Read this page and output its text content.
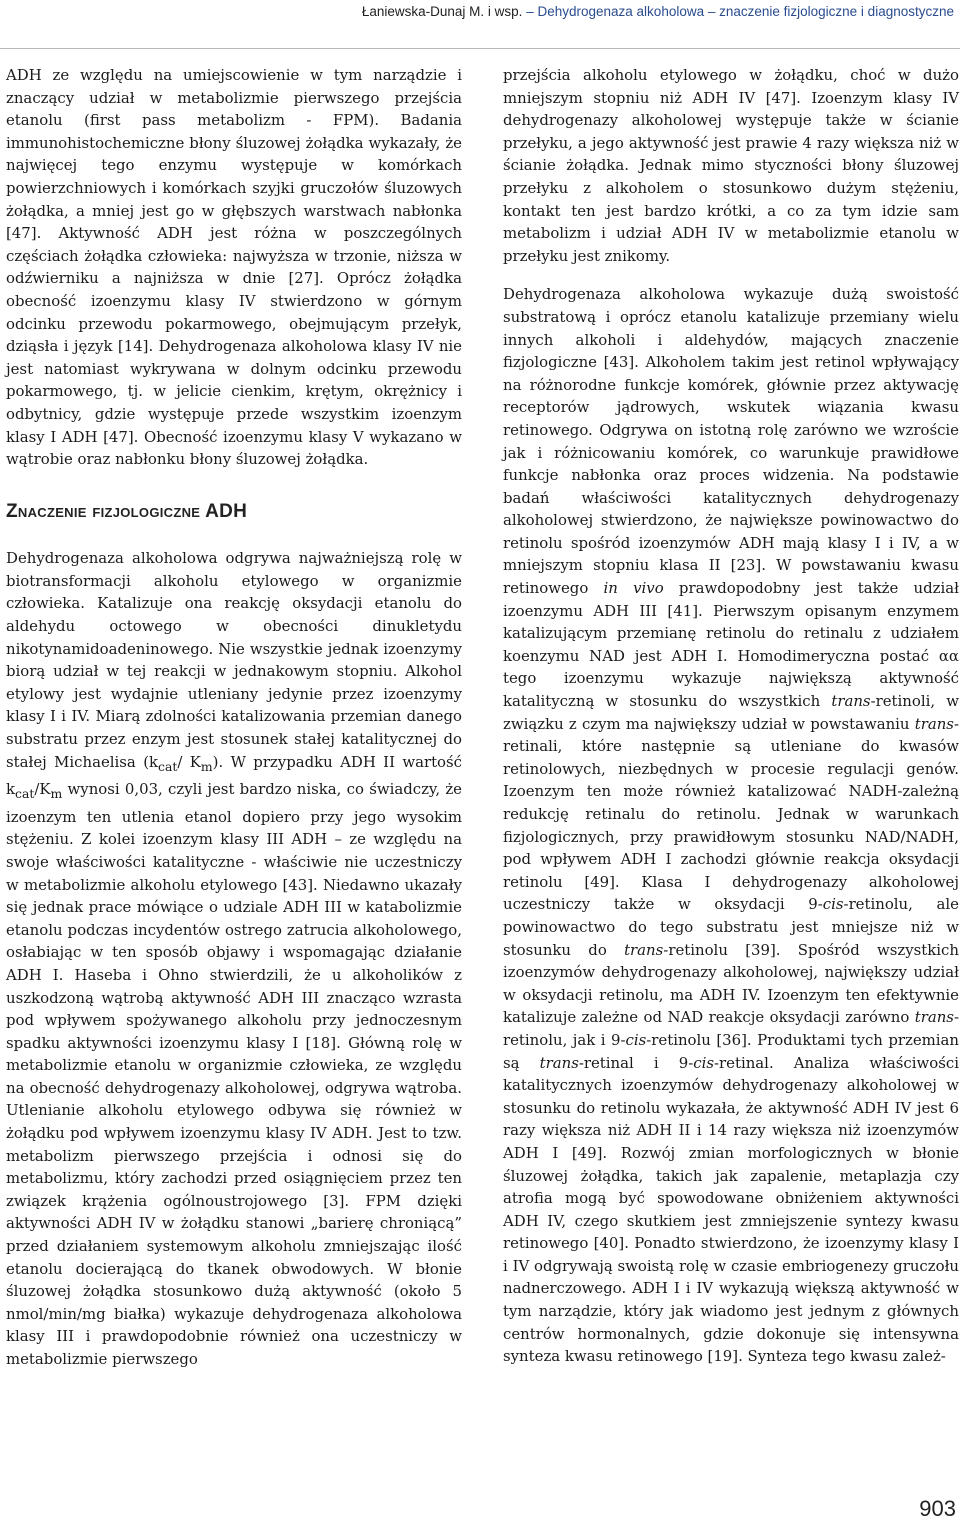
Łaniewska-Dunaj M. i wsp. – Dehydrogenaza alkoholowa – znaczenie fizjologiczne i diagnostyczne

ADH ze względu na umiejscowienie w tym narządzie i znaczący udział w metabolizmie pierwszego przejścia etanolu (first pass metabolizm - FPM). Badania immunohistochemiczne błony śluzowej żołądka wykazały, że najwięcej tego enzymu występuje w komórkach powierzchniowych i komórkach szyjki gruczołów śluzowych żołądka, a mniej jest go w głębszych warstwach nabłonka [47]. Aktywność ADH jest różna w poszczególnych częściach żołądka człowieka: najwyższa w trzonie, niższa w odźwierniku a najniższa w dnie [27]. Oprócz żołądka obecność izoenzymu klasy IV stwierdzono w górnym odcinku przewodu pokarmowego, obejmującym przełyk, dziąsła i język [14]. Dehydrogenaza alkoholowa klasy IV nie jest natomiast wykrywana w dolnym odcinku przewodu pokarmowego, tj. w jelicie cienkim, krętym, okrężnicy i odbytnicy, gdzie występuje przede wszystkim izoenzym klasy I ADH [47]. Obecność izoenzymu klasy V wykazano w wątrobie oraz nabłonku błony śluzowej żołądka.

Znaczenie fizjologiczne ADH

Dehydrogenaza alkoholowa odgrywa najważniejszą rolę w biotransformacji alkoholu etylowego w organizmie człowieka. Katalizuje ona reakcję oksydacji etanolu do aldehydu octowego w obecności dinukletydu nikotynamidoadeninowego. Nie wszystkie jednak izoenzymy biorą udział w tej reakcji w jednakowym stopniu. Alkohol etylowy jest wydajnie utleniany jedynie przez izoenzymy klasy I i IV. Miarą zdolności katalizowania przemian danego substratu przez enzym jest stosunek stałej katalitycznej do stałej Michaelisa ($k_{cat}/$ $K_m$). W przypadku ADH II wartość $k_{cat}/K_m$ wynosi 0,03, czyli jest bardzo niska, co świadczy, że izoenzym ten utlenia etanol dopiero przy jego wysokim stężeniu. Z kolei izoenzym klasy III ADH – ze względu na swoje właściwości katalityczne - właściwie nie uczestniczy w metabolizmie alkoholu etylowego [43]. Niedawno ukazały się jednak prace mówiące o udziale ADH III w katabolizmie etanolu podczas incydentów ostrego zatrucia alkoholowego, osłabiając w ten sposób objawy i wspomagając działanie ADH I. Haseba i Ohno stwierdzili, że u alkoholików z uszkodzoną wątrobą aktywność ADH III znacząco wzrasta pod wpływem spożywanego alkoholu przy jednoczesnym spadku aktywności izoenzymu klasy I [18]. Główną rolę w metabolizmie etanolu w organizmie człowieka, ze względu na obecność dehydrogenazy alkoholowej, odgrywa wątroba. Utlenianie alkoholu etylowego odbywa się również w żołądku pod wpływem izoenzymu klasy IV ADH. Jest to tzw. metabolizm pierwszego przejścia i odnosi się do metabolizmu, który zachodzi przed osiągnięciem przez ten związek krążenia ogólnoustrojowego [3]. FPM dzięki aktywności ADH IV w żołądku stanowi „barierę chroniącą” przed działaniem systemowym alkoholu zmniejszając ilość etanolu docierającą do tkanek obwodowych. W błonie śluzowej żołądka stosunkowo dużą aktywność (około 5 nmol/min/mg białka) wykazuje dehydrogenaza alkoholowa klasy III i prawdopodobnie również ona uczestniczy w metabolizmie pierwszego

przejścia alkoholu etylowego w żołądku, choć w dużo mniejszym stopniu niż ADH IV [47]. Izoenzym klasy IV dehydrogenazy alkoholowej występuje także w ścianie przełyku, a jego aktywność jest prawie 4 razy większa niż w ścianie żołądka. Jednak mimo styczności błony śluzowej przełyku z alkoholem o stosunkowo dużym stężeniu, kontakt ten jest bardzo krótki, a co za tym idzie sam metabolizm i udział ADH IV w metabolizmie etanolu w przełyku jest znikomy.

Dehydrogenaza alkoholowa wykazuje dużą swoistość substratową i oprócz etanolu katalizuje przemiany wielu innych alkoholi i aldehydów, mających znaczenie fizjologiczne [43]. Alkoholem takim jest retinol wpływający na różnorodne funkcje komórek, głównie przez aktywację receptorów jądrowych, wskutek wiązania kwasu retinowego. Odgrywa on istotną rolę zarówno we wzroście jak i różnicowaniu komórek, co warunkuje prawidłowe funkcje nabłonka oraz proces widzenia. Na podstawie badań właściwości katalitycznych dehydrogenazy alkoholowej stwierdzono, że największe powinowactwo do retinolu spośród izoenzymów ADH mają klasy I i IV, a w mniejszym stopniu klasa II [23]. W powstawaniu kwasu retinowego in vivo prawdopodobny jest także udział izoenzymu ADH III [41]. Pierwszym opisanym enzymem katalizującym przemianę retinolu do retinalu z udziałem koenzymu NAD jest ADH I. Homodimeryczna postać αα tego izoenzymu wykazuje największą aktywność katalityczną w stosunku do wszystkich trans-retinoli, w związku z czym ma największy udział w powstawaniu trans-retinali, które następnie są utleniane do kwasów retinolowych, niezbędnych w procesie regulacji genów. Izoenzym ten może również katalizować NADH-zależną redukcję retinalu do retinolu. Jednak w warunkach fizjologicznych, przy prawidłowym stosunku NAD/NADH, pod wpływem ADH I zachodzi głównie reakcja oksydacji retinolu [49]. Klasa I dehydrogenazy alkoholowej uczestniczy także w oksydacji 9-cis-retinolu, ale powinowactwo do tego substratu jest mniejsze niż w stosunku do trans-retinolu [39]. Spośród wszystkich izoenzymów dehydrogenazy alkoholowej, największy udział w oksydacji retinolu, ma ADH IV. Izoenzym ten efektywnie katalizuje zależne od NAD reakcje oksydacji zarówno trans-retinolu, jak i 9-cis-retinolu [36]. Produktami tych przemian są trans-retinal i 9-cis-retinal. Analiza właściwości katalitycznych izoenzymów dehydrogenazy alkoholowej w stosunku do retinolu wykazała, że aktywność ADH IV jest 6 razy większa niż ADH II i 14 razy większa niż izoenzymów ADH I [49]. Rozwój zmian morfologicznych w błonie śluzowej żołądka, takich jak zapalenie, metaplazja czy atrofia mogą być spowodowane obniżeniem aktywności ADH IV, czego skutkiem jest zmniejszenie syntezy kwasu retinowego [40]. Ponadto stwierdzono, że izoenzymy klasy I i IV odgrywają swoistą rolę w czasie embriogenezy gruczołu nadnerczowego. ADH I i IV wykazują większą aktywność w tym narządzie, który jak wiadomo jest jednym z głównych centrów hormonalnych, gdzie dokonuje się intensywna synteza kwasu retinowego [19]. Synteza tego kwasu zależ-

903
